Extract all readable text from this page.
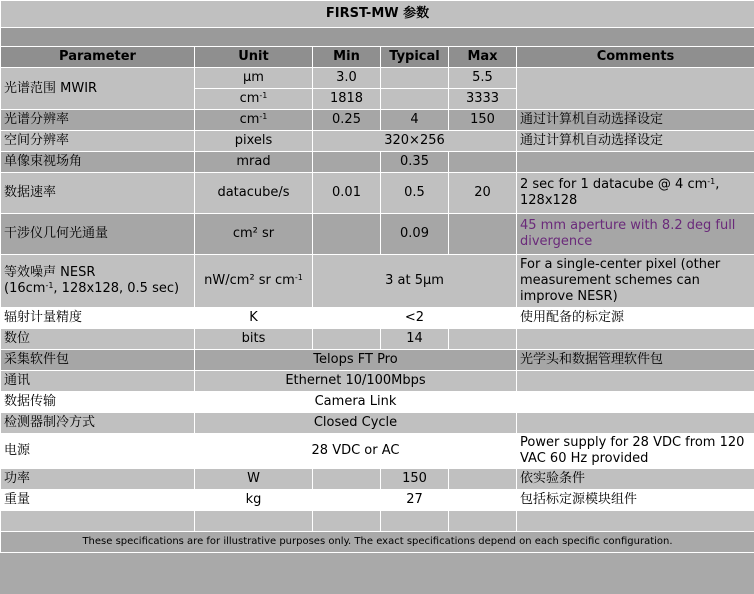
FIRST-MW 参数					

Parameter	Unit	Min	Typical	Max	Comments
光谱范围 MWIR	µm	3.0		5.5	
	$cm^{-1}$	1818		3333	
光谱分辨率	$cm^{-1}$	0.25	4	150	通过计算机自动选择设定
空间分辨率	pixels	320×256			通过计算机自动选择设定
单像束视场角	mrad		0.35		
数据速率	datacube/s	0.01	0.5	20	2 sec for 1 datacube @ 4 $cm^{-1}$, 128x128
干涉仪几何光通量	cm² sr		0.09		45 mm aperture with 8.2 deg full divergence
等效噪声 NESR
($16cm^{-1}$, 128x128, 0.5 sec)	nW/cm² sr $cm^{-1}$	3 at 5µm			For a single-center pixel (other measurement schemes can improve NESR)
辐射计量精度	K		<2		使用配备的标定源
数位	bits		14		
采集软件包	Telops FT Pro				光学头和数据管理软件包
通讯	Ethernet 10/100Mbps				
数据传输	Camera Link				
检测器制冷方式	Closed Cycle				
电源	28 VDC or AC				Power supply for 28 VDC from 120 VAC 60 Hz provided
功率	W		150		依实验条件
重量	kg		27		包括标定源模块组件

These specifications are for illustrative purposes only. The exact specifications depend on each specific configuration.					
